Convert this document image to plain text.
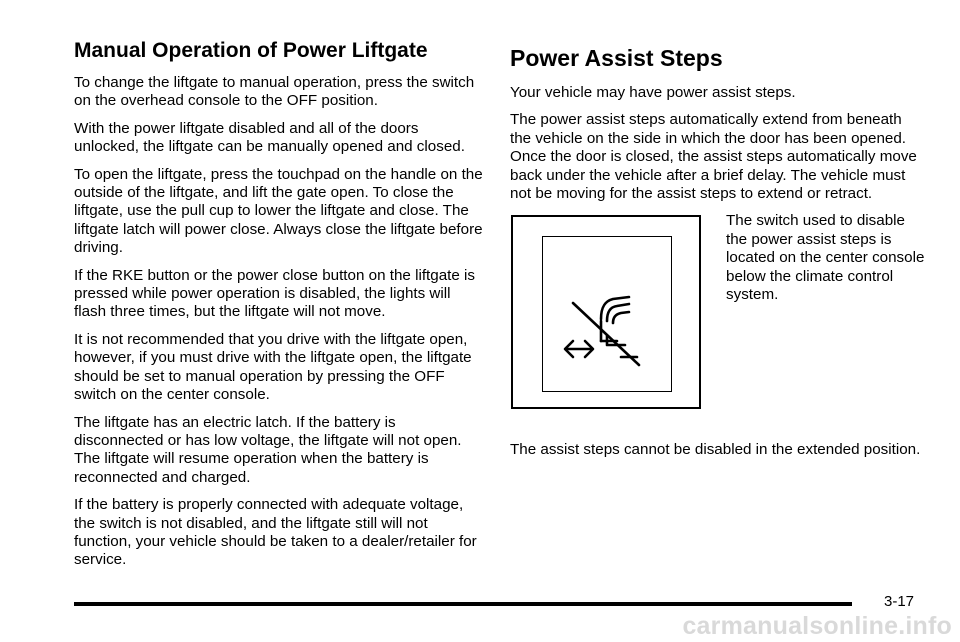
Manual Operation of Power Liftgate

To change the liftgate to manual operation, press the switch on the overhead console to the OFF position.

With the power liftgate disabled and all of the doors unlocked, the liftgate can be manually opened and closed.

To open the liftgate, press the touchpad on the handle on the outside of the liftgate, and lift the gate open. To close the liftgate, use the pull cup to lower the liftgate and close. The liftgate latch will power close. Always close the liftgate before driving.

If the RKE button or the power close button on the liftgate is pressed while power operation is disabled, the lights will flash three times, but the liftgate will not move.

It is not recommended that you drive with the liftgate open, however, if you must drive with the liftgate open, the liftgate should be set to manual operation by pressing the OFF switch on the center console.

The liftgate has an electric latch. If the battery is disconnected or has low voltage, the liftgate will not open. The liftgate will resume operation when the battery is reconnected and charged.

If the battery is properly connected with adequate voltage, the switch is not disabled, and the liftgate still will not function, your vehicle should be taken to a dealer/retailer for service.

Power Assist Steps

Your vehicle may have power assist steps.

The power assist steps automatically extend from beneath the vehicle on the side in which the door has been opened. Once the door is closed, the assist steps automatically move back under the vehicle after a brief delay. The vehicle must not be moving for the assist steps to extend or retract.

The switch used to disable the power assist steps is located on the center console below the climate control system.

The assist steps cannot be disabled in the extended position.

3-17
carmanualsonline.info
